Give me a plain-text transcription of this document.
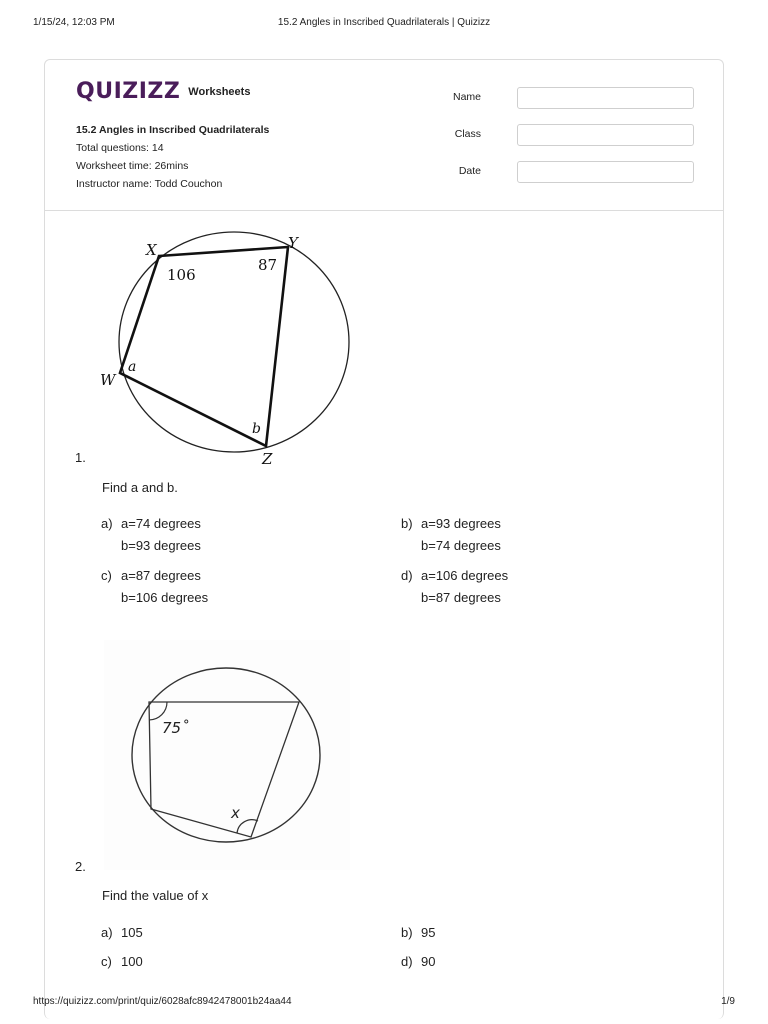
1/15/24, 12:03 PM	15.2 Angles in Inscribed Quadrilaterals | Quizizz
QUIZIZZ Worksheets
15.2 Angles in Inscribed Quadrilaterals
Total questions: 14
Worksheet time: 26mins
Instructor name: Todd Couchon
Name
Class
Date
X	Y
W
Z
a
b
106
87
1.
Find a and b.
a) a=74 degrees
b=93 degrees
b) a=93 degrees
b=74 degrees
c) a=87 degrees
b=106 degrees
d) a=106 degrees
b=87 degrees
75˚
x
2.
Find the value of x
a) 105	b) 95
c) 100	d) 90
https://quizizz.com/print/quiz/6028afc8942478001b24aa44	1/9
